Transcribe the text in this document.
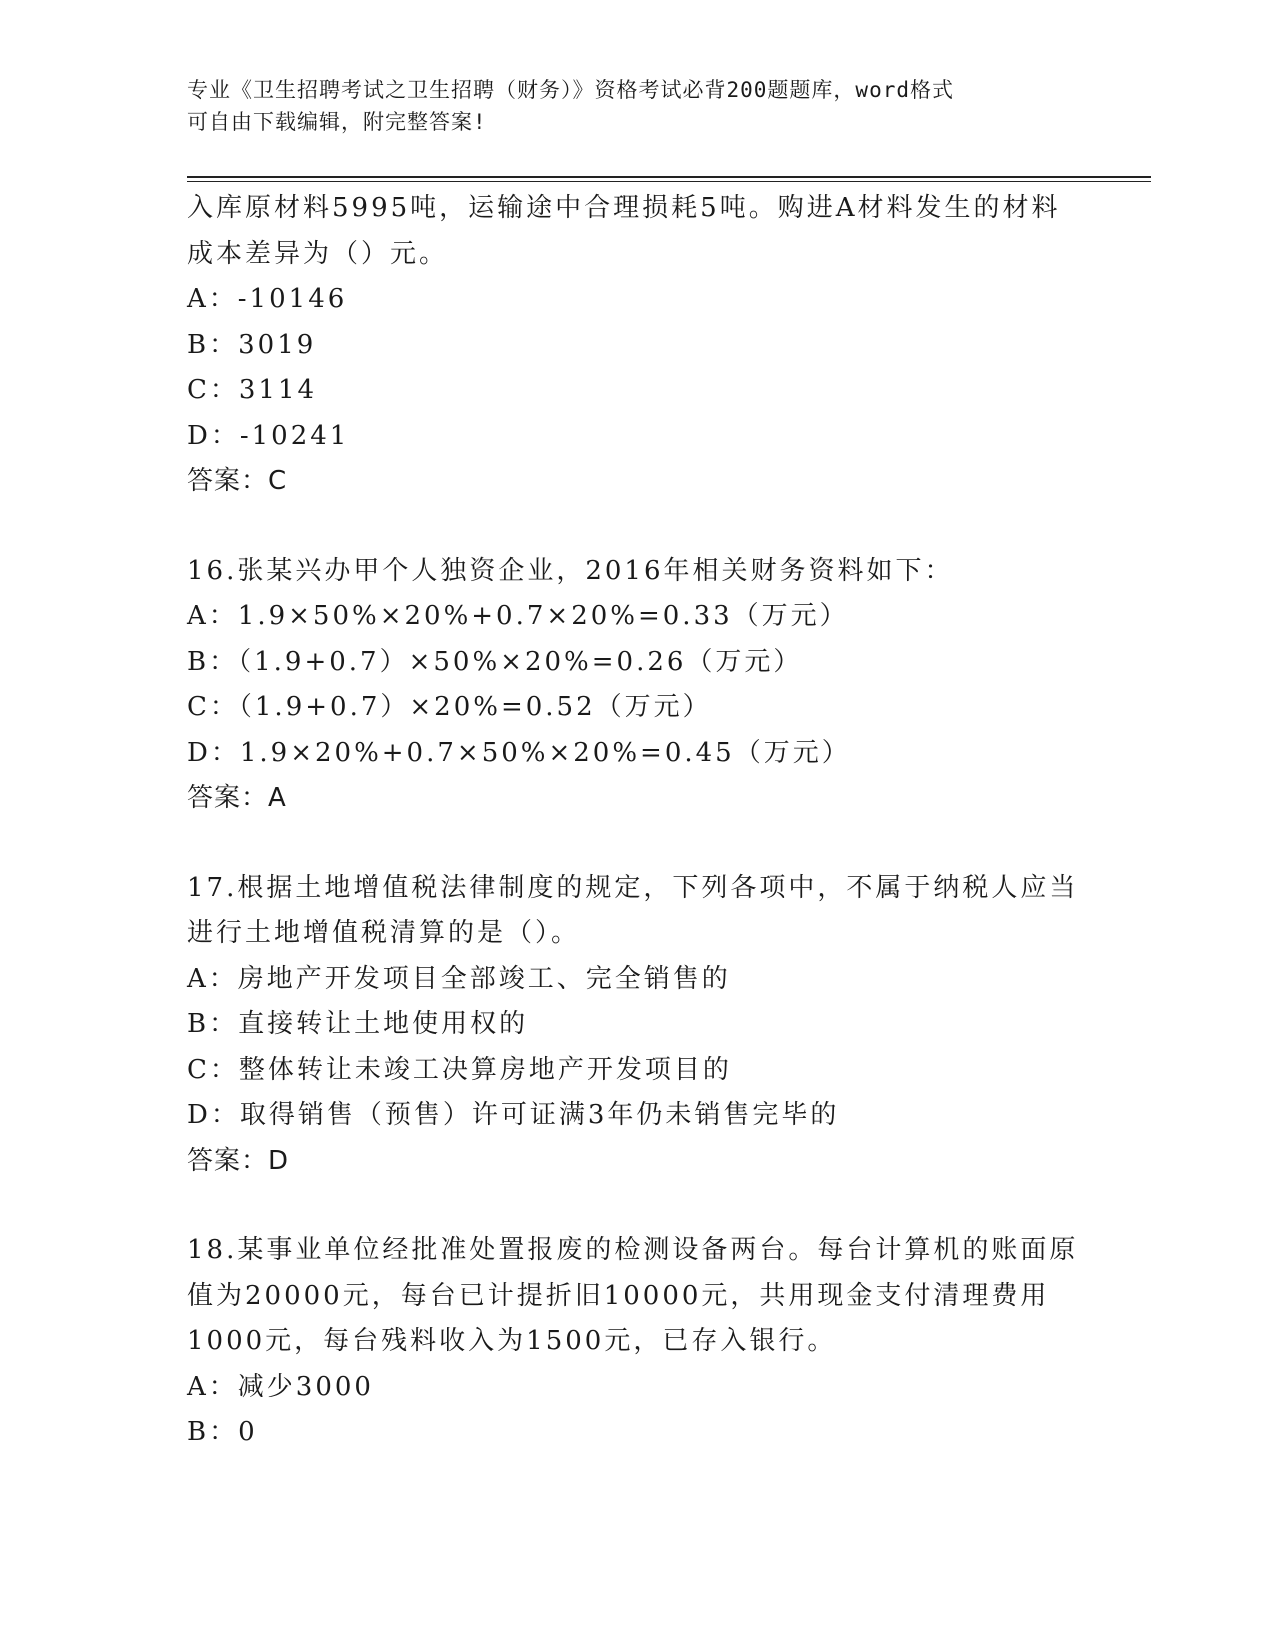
专业《卫生招聘考试之卫生招聘（财务）》资格考试必背200题题库，word格式
可自由下载编辑，附完整答案!
入库原材料5995吨，运输途中合理损耗5吨。购进A材料发生的材料
成本差异为（）元。
A：-10146
B：3019
C：3114
D：-10241
答案：C
16.张某兴办甲个人独资企业，2016年相关财务资料如下：
A：1.9×50%×20%+0.7×20%=0.33（万元）
B：（1.9+0.7）×50%×20%=0.26（万元）
C：（1.9+0.7）×20%=0.52（万元）
D：1.9×20%+0.7×50%×20%=0.45（万元）
答案：A
17.根据土地增值税法律制度的规定，下列各项中，不属于纳税人应当
进行土地增值税清算的是（）。
A：房地产开发项目全部竣工、完全销售的
B：直接转让土地使用权的
C：整体转让未竣工决算房地产开发项目的
D：取得销售（预售）许可证满3年仍未销售完毕的
答案：D
18.某事业单位经批准处置报废的检测设备两台。每台计算机的账面原
值为20000元，每台已计提折旧10000元，共用现金支付清理费用
1000元，每台残料收入为1500元，已存入银行。
A：减少3000
B：0
